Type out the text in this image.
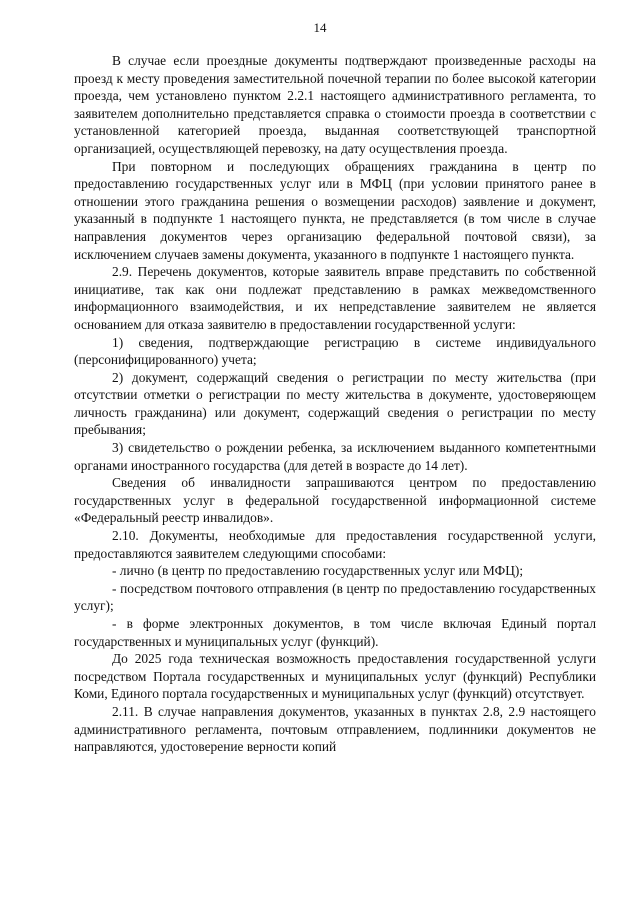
14

В случае если проездные документы подтверждают произведенные расходы на проезд к месту проведения заместительной почечной терапии по более высокой категории проезда, чем установлено пунктом 2.2.1 настоящего административного регламента, то заявителем дополнительно представляется справка о стоимости проезда в соответствии с установленной категорией проезда, выданная соответствующей транспортной организацией, осуществляющей перевозку, на дату осуществления проезда.

При повторном и последующих обращениях гражданина в центр по предоставлению государственных услуг или в МФЦ (при условии принятого ранее в отношении этого гражданина решения о возмещении расходов) заявление и документ, указанный в подпункте 1 настоящего пункта, не представляется (в том числе в случае направления документов через организацию федеральной почтовой связи), за исключением случаев замены документа, указанного в подпункте 1 настоящего пункта.

2.9. Перечень документов, которые заявитель вправе представить по собственной инициативе, так как они подлежат представлению в рамках межведомственного информационного взаимодействия, и их непредставление заявителем не является основанием для отказа заявителю в предоставлении государственной услуги:

1) сведения, подтверждающие регистрацию в системе индивидуального (персонифицированного) учета;

2) документ, содержащий сведения о регистрации по месту жительства (при отсутствии отметки о регистрации по месту жительства в документе, удостоверяющем личность гражданина) или документ, содержащий сведения о регистрации по месту пребывания;

3) свидетельство о рождении ребенка, за исключением выданного компетентными органами иностранного государства (для детей в возрасте до 14 лет).

Сведения об инвалидности запрашиваются центром по предоставлению государственных услуг в федеральной государственной информационной системе «Федеральный реестр инвалидов».

2.10. Документы, необходимые для предоставления государственной услуги, предоставляются заявителем следующими способами:

- лично (в центр по предоставлению государственных услуг или МФЦ);

- посредством почтового отправления (в центр по предоставлению государственных услуг);

- в форме электронных документов, в том числе включая Единый портал государственных и муниципальных услуг (функций).

До 2025 года техническая возможность предоставления государственной услуги посредством Портала государственных и муниципальных услуг (функций) Республики Коми, Единого портала государственных и муниципальных услуг (функций) отсутствует.

2.11. В случае направления документов, указанных в пунктах 2.8, 2.9 настоящего административного регламента, почтовым отправлением, подлинники документов не направляются, удостоверение верности копий
